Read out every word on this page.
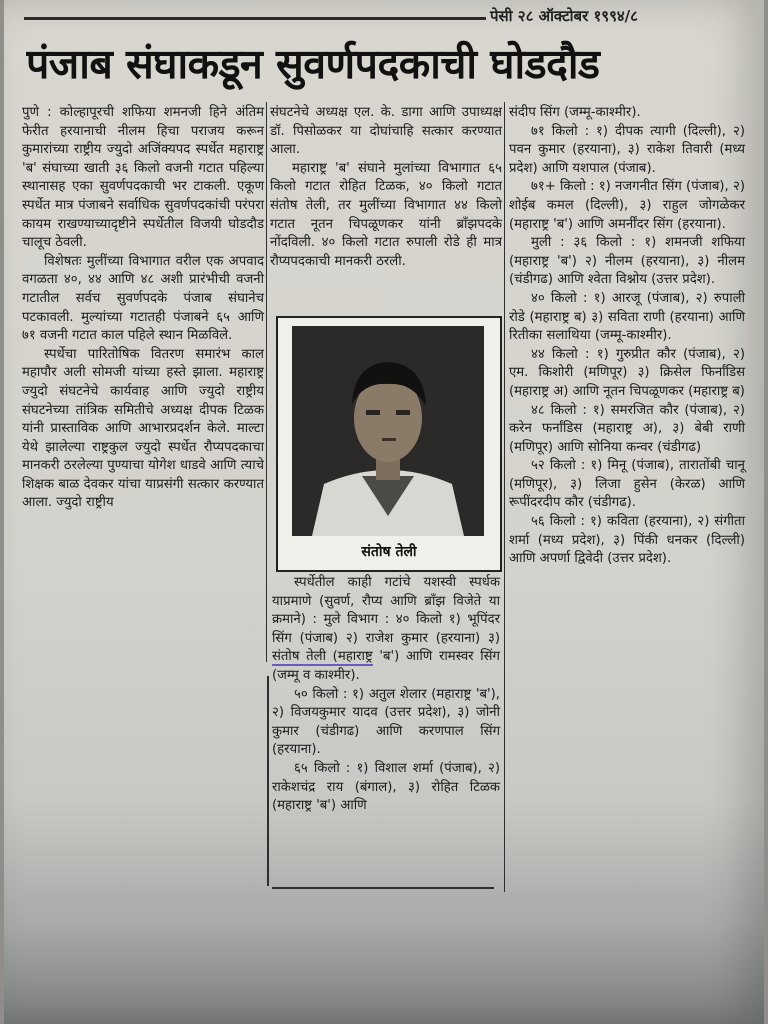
पेसी २८ ऑक्टोबर १९९४/८
पंजाब संघाकडून सुवर्णपदकाची घोडदौड

पुणे : कोल्हापूरची शफिया शमनजी हिने अंतिम फेरीत हरयानाची नीलम हिचा पराजय करून कुमारांच्या राष्ट्रीय ज्युदो अजिंक्यपद स्पर्धेत महाराष्ट्र 'ब' संघाच्या खाती ३६ किलो वजनी गटात पहिल्या स्थानासह एका सुवर्णपदकाची भर टाकली. एकूण स्पर्धेत मात्र पंजाबने सर्वाधिक सुवर्णपदकांची परंपरा कायम राखण्याच्यादृष्टीने स्पर्धेतील विजयी घोडदौड चालूच ठेवली.

विशेषतः मुलींच्या विभागात वरील एक अपवाद वगळता ४०, ४४ आणि ४८ अशी प्रारंभीची वजनी गटातील सर्वच सुवर्णपदके पंजाब संघानेच पटकावली. मुल्यांच्या गटातही पंजाबने ६५ आणि ७१ वजनी गटात काल पहिले स्थान मिळविले.

स्पर्धेचा पारितोषिक वितरण समारंभ काल महापौर अली सोमजी यांच्या हस्ते झाला. महाराष्ट्र ज्युदो संघटनेचे कार्यवाह आणि ज्युदो राष्ट्रीय संघटनेच्या तांत्रिक समितीचे अध्यक्ष दीपक टिळक यांनी प्रास्ताविक आणि आभारप्रदर्शन केले. माल्टा येथे झालेल्या राष्ट्रकुल ज्युदो स्पर्धेत रौप्यपदकाचा मानकरी ठरलेल्या पुण्याचा योगेश धाडवे आणि त्याचे शिक्षक बाळ देवकर यांचा याप्रसंगी सत्कार करण्यात आला. ज्युदो राष्ट्रीय

संघटनेचे अध्यक्ष एल. के. डागा आणि उपाध्यक्ष डॉ. पिसोळकर या दोघांचाहि सत्कार करण्यात आला.

महाराष्ट्र 'ब' संघाने मुलांच्या विभागात ६५ किलो गटात रोहित टिळक, ४० किलो गटात संतोष तेली, तर मुलींच्या विभागात ४४ किलो गटात नूतन चिपळूणकर यांनी ब्रॉंझपदके नोंदविली. ४० किलो गटात रुपाली रोडे ही मात्र रौप्यपदकाची मानकरी ठरली.

संतोष तेली

स्पर्धेतील काही गटांचे यशस्वी स्पर्धक याप्रमाणे (सुवर्ण, रौप्य आणि ब्रॉंझ विजेते या क्रमाने) : मुले विभाग : ४० किलो १) भूपिंदर सिंग (पंजाब) २) राजेश कुमार (हरयाना) ३) संतोष तेली (महाराष्ट्र 'ब') आणि रामस्वर सिंग (जम्मू व काश्मीर).

५० किलो : १) अतुल शेलार (महाराष्ट्र 'ब'), २) विजयकुमार यादव (उत्तर प्रदेश), ३) जोनी कुमार (चंडीगढ) आणि करणपाल सिंग (हरयाना).

६५ किलो : १) विशाल शर्मा (पंजाब), २) राकेशचंद्र राय (बंगाल), ३) रोहित टिळक (महाराष्ट्र 'ब') आणि

संदीप सिंग (जम्मू-काश्मीर).

७१ किलो : १) दीपक त्यागी (दिल्ली), २) पवन कुमार (हरयाना), ३) राकेश तिवारी (मध्य प्रदेश) आणि यशपाल (पंजाब).

७१+ किलो : १) नजगनीत सिंग (पंजाब), २) शोईब कमल (दिल्ली), ३) राहुल जोगळेकर (महाराष्ट्र 'ब') आणि अमर्नींदर सिंग (हरयाना).

मुली : ३६ किलो : १) शमनजी शफिया (महाराष्ट्र 'ब') २) नीलम (हरयाना), ३) नीलम (चंडीगढ) आणि श्वेता विश्नोय (उत्तर प्रदेश).

४० किलो : १) आरजू (पंजाब), २) रुपाली रोडे (महाराष्ट्र ब) ३) सविता राणी (हरयाना) आणि रितीका सलाथिया (जम्मू-काश्मीर).

४४ किलो : १) गुरुप्रीत कौर (पंजाब), २) एम. किशोरी (मणिपूर) ३) क्रिसेल फिर्नांडिस (महाराष्ट्र अ) आणि नूतन चिपळूणकर (महाराष्ट्र ब)

४८ किलो : १) समरजित कौर (पंजाब), २) करेन फर्नांडिस (महाराष्ट्र अ), ३) बेबी राणी (मणिपूर) आणि सोनिया कन्वर (चंडीगढ)

५२ किलो : १) मिनू (पंजाब), तारातोंबी चानू (मणिपूर), ३) लिजा हुसेन (केरळ) आणि रूपींदरदीप कौर (चंडीगढ).

५६ किलो : १) कविता (हरयाना), २) संगीता शर्मा (मध्य प्रदेश), ३) पिंकी धनकर (दिल्ली) आणि अपर्णा द्विवेदी (उत्तर प्रदेश).
